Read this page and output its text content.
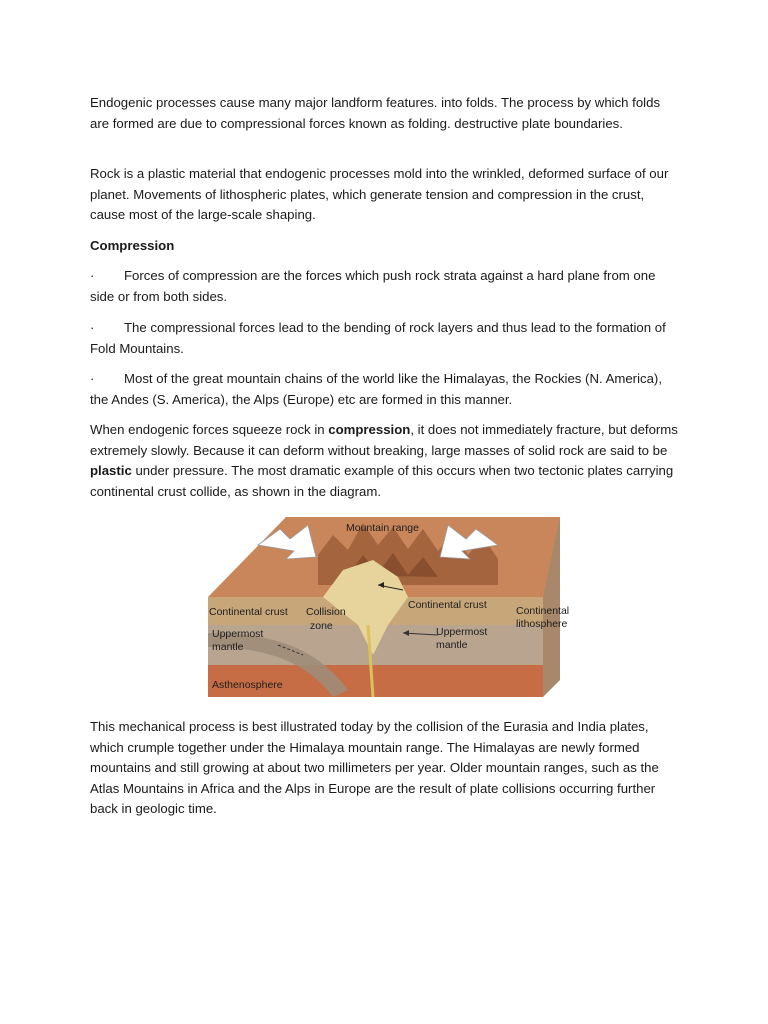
Endogenic processes cause many major landform features. into folds. The process by which folds are formed are due to compressional forces known as folding. destructive plate boundaries.

Rock is a plastic material that endogenic processes mold into the wrinkled, deformed surface of our planet. Movements of lithospheric plates, which generate tension and compression in the crust, cause most of the large-scale shaping.

Compression
· Forces of compression are the forces which push rock strata against a hard plane from one side or from both sides.
· The compressional forces lead to the bending of rock layers and thus lead to the formation of Fold Mountains.
· Most of the great mountain chains of the world like the Himalayas, the Rockies (N. America), the Andes (S. America), the Alps (Europe) etc are formed in this manner.

When endogenic forces squeeze rock in compression, it does not immediately fracture, but deforms extremely slowly. Because it can deform without breaking, large masses of solid rock are said to be plastic under pressure. The most dramatic example of this occurs when two tectonic plates carrying continental crust collide, as shown in the diagram.

Mountain range
Continental crust Collision
zone
Continental crust	Continental
lithosphere
Uppermost
mantle
Uppermost
mantle
Asthenosphere

This mechanical process is best illustrated today by the collision of the Eurasia and India plates, which crumple together under the Himalaya mountain range. The Himalayas are newly formed mountains and still growing at about two millimeters per year. Older mountain ranges, such as the Atlas Mountains in Africa and the Alps in Europe are the result of plate collisions occurring further back in geologic time.
